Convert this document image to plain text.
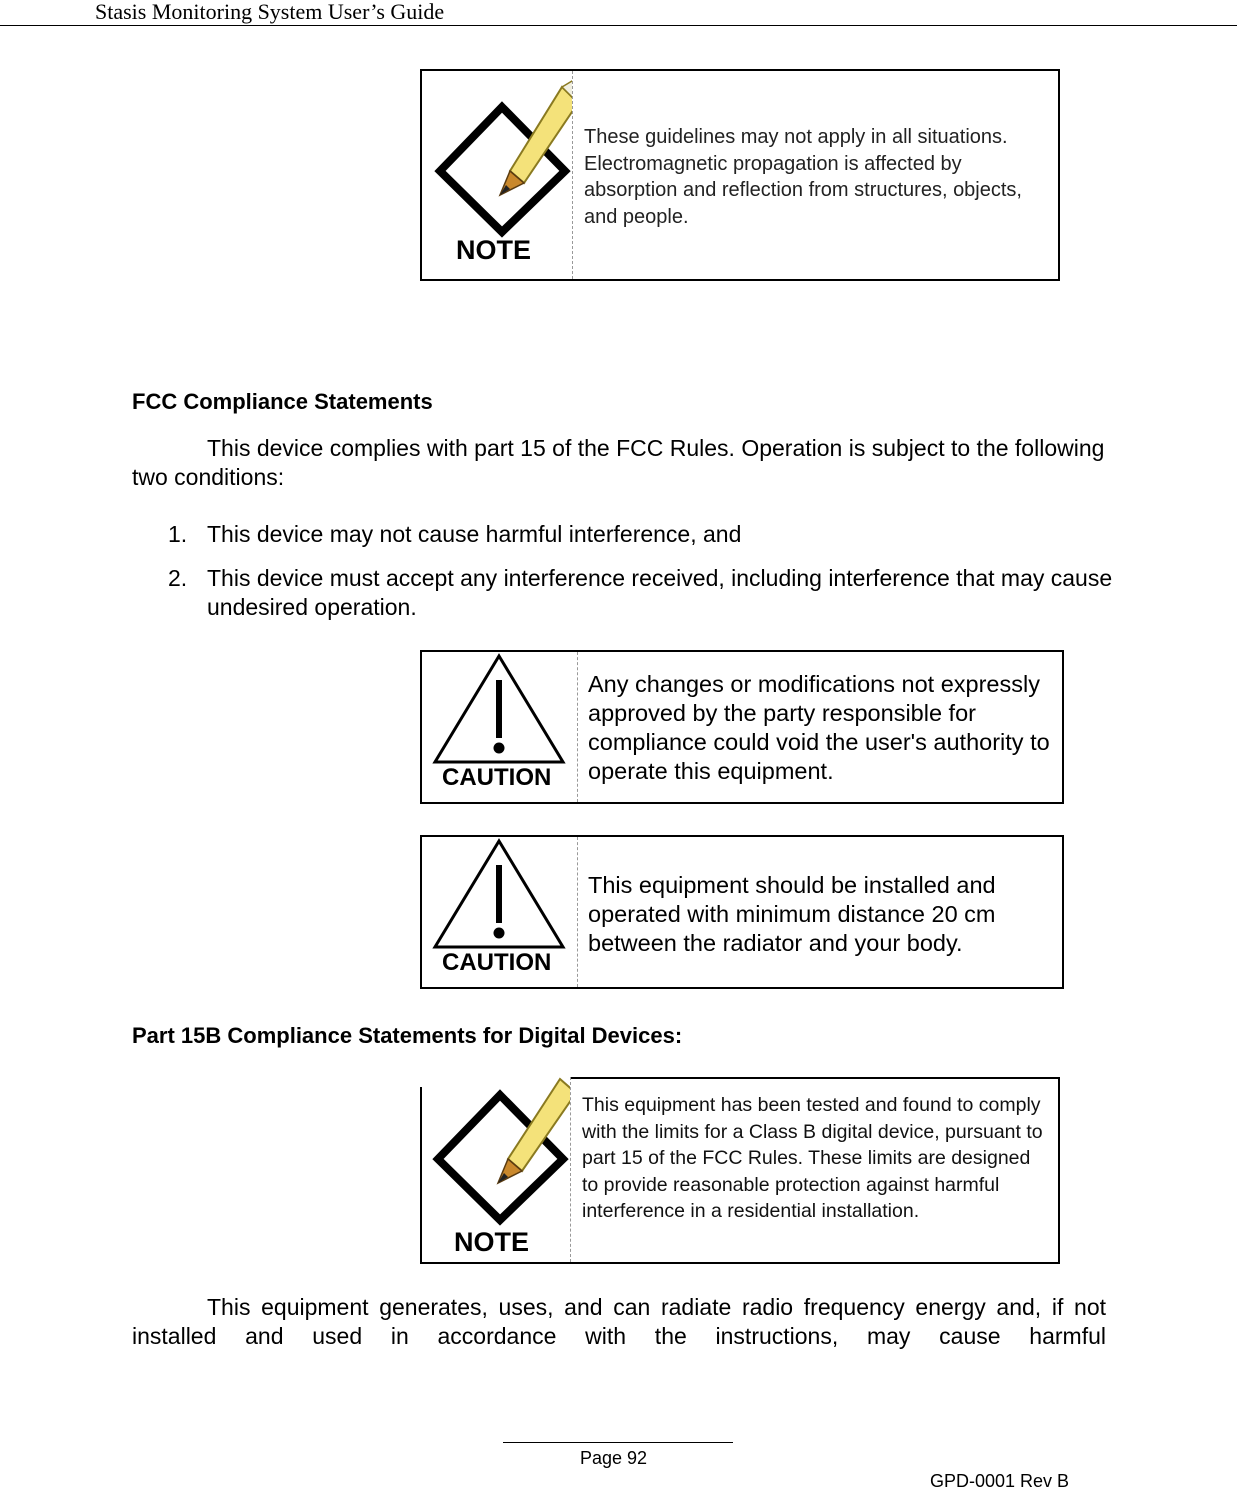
Stasis Monitoring System User’s Guide
NOTE
These guidelines may not apply in all situations. Electromagnetic propagation is affected by absorption and reflection from structures, objects, and people.
FCC Compliance Statements
This device complies with part 15 of the FCC Rules. Operation is subject to the following two conditions:
1. This device may not cause harmful interference, and
2. This device must accept any interference received, including interference that may cause undesired operation.
CAUTION
Any changes or modifications not expressly approved by the party responsible for compliance could void the user's authority to operate this equipment.
CAUTION
This equipment should be installed and operated with minimum distance 20 cm between the radiator and your body.
Part 15B Compliance Statements for Digital Devices:
NOTE
This equipment has been tested and found to comply with the limits for a Class B digital device, pursuant to part 15 of the FCC Rules. These limits are designed to provide reasonable protection against harmful interference in a residential installation.
This equipment generates, uses, and can radiate radio frequency energy and, if not installed and used in accordance with the instructions, may cause harmful
Page 92
GPD-0001 Rev B
